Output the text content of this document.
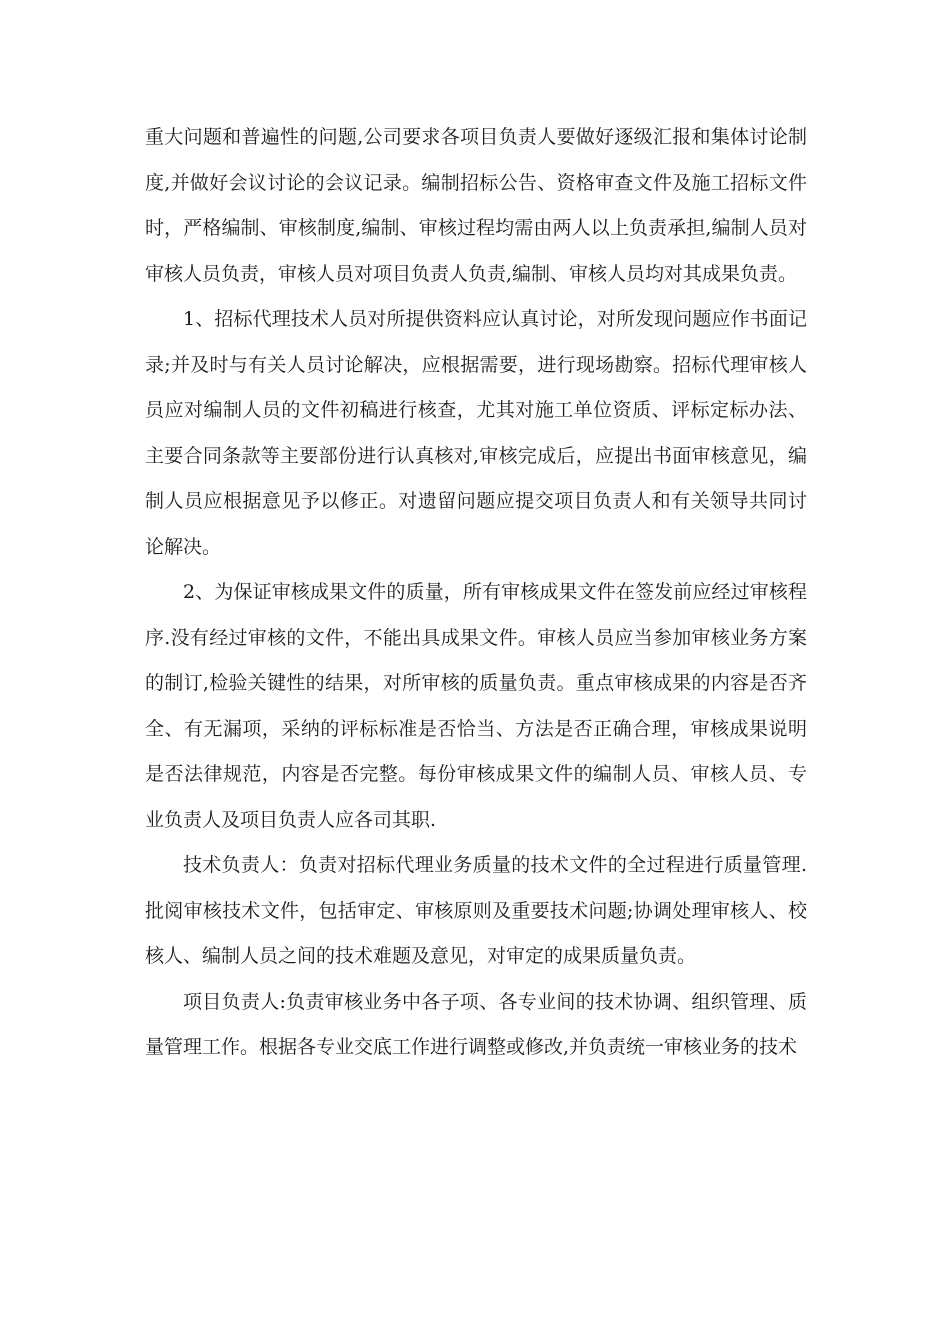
重大问题和普遍性的问题,公司要求各项目负责人要做好逐级汇报和集体讨论制度,并做好会议讨论的会议记录。编制招标公告、资格审查文件及施工招标文件时，严格编制、审核制度,编制、审核过程均需由两人以上负责承担,编制人员对审核人员负责，审核人员对项目负责人负责,编制、审核人员均对其成果负责。

1、招标代理技术人员对所提供资料应认真讨论，对所发现问题应作书面记录;并及时与有关人员讨论解决，应根据需要，进行现场勘察。招标代理审核人员应对编制人员的文件初稿进行核查，尤其对施工单位资质、评标定标办法、主要合同条款等主要部份进行认真核对,审核完成后，应提出书面审核意见，编制人员应根据意见予以修正。对遗留问题应提交项目负责人和有关领导共同讨论解决。

2、为保证审核成果文件的质量，所有审核成果文件在签发前应经过审核程序.没有经过审核的文件，不能出具成果文件。审核人员应当参加审核业务方案的制订,检验关键性的结果，对所审核的质量负责。重点审核成果的内容是否齐全、有无漏项，采纳的评标标准是否恰当、方法是否正确合理，审核成果说明是否法律规范，内容是否完整。每份审核成果文件的编制人员、审核人员、专业负责人及项目负责人应各司其职.

技术负责人：负责对招标代理业务质量的技术文件的全过程进行质量管理.批阅审核技术文件，包括审定、审核原则及重要技术问题;协调处理审核人、校核人、编制人员之间的技术难题及意见，对审定的成果质量负责。

项目负责人:负责审核业务中各子项、各专业间的技术协调、组织管理、质量管理工作。根据各专业交底工作进行调整或修改,并负责统一审核业务的技术
